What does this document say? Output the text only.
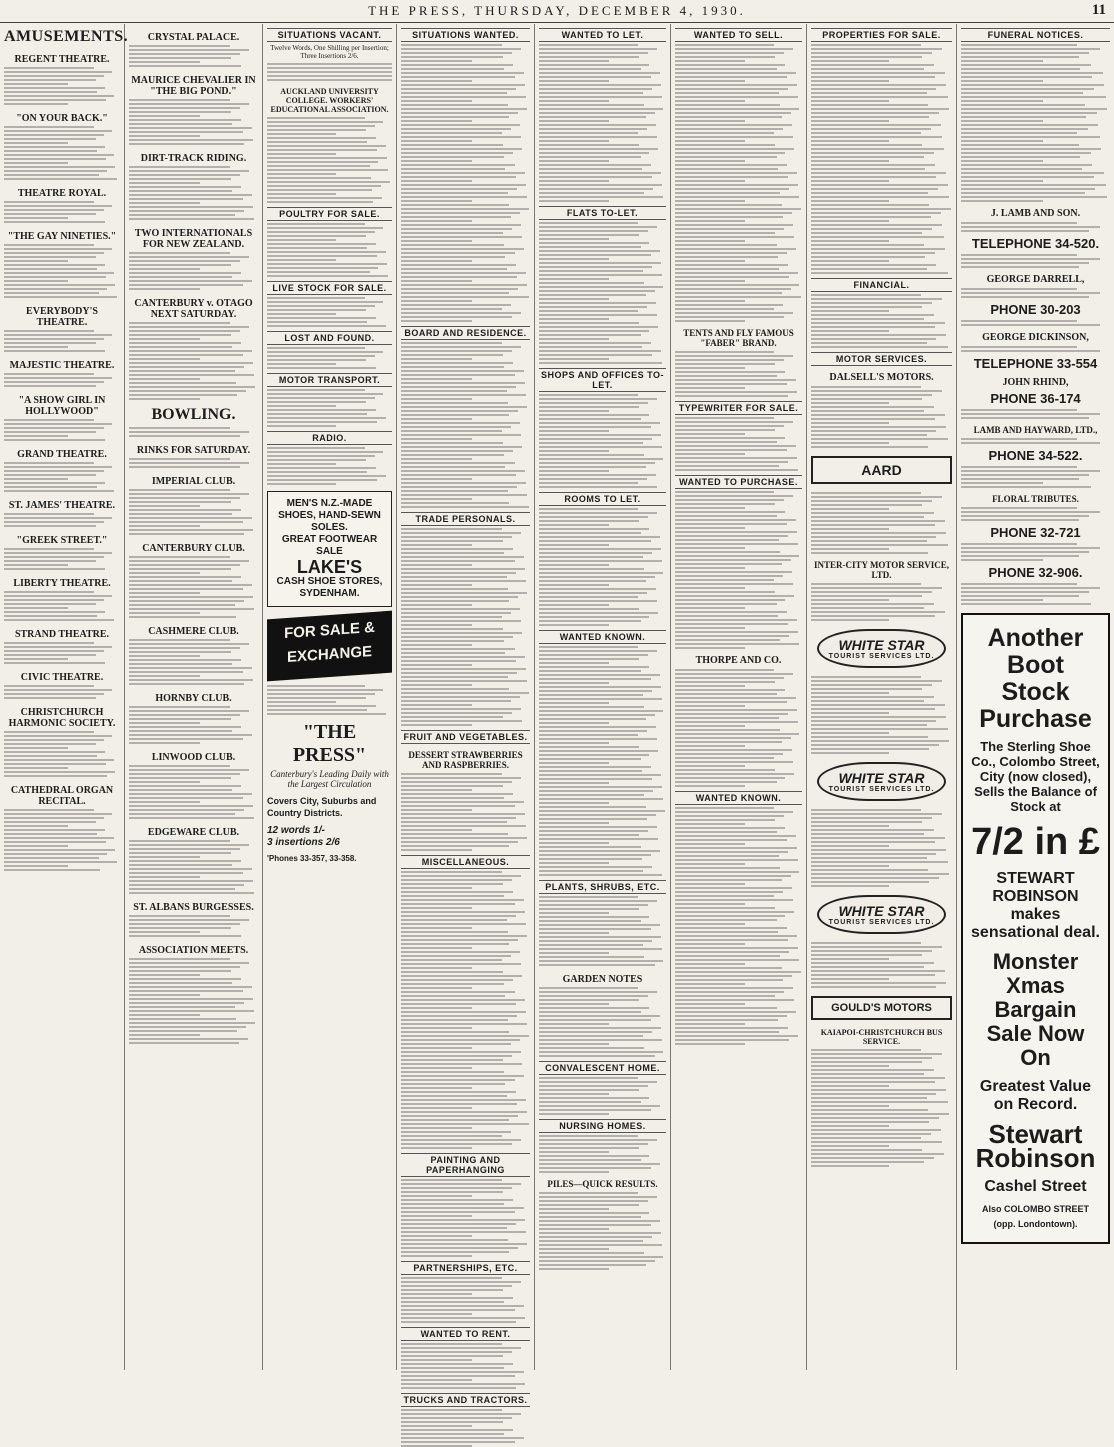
THE PRESS, THURSDAY, DECEMBER 4, 1930.	11
AMUSEMENTS.
REGENT THEATRE.
"ON YOUR BACK."
THEATRE ROYAL.
"THE GAY NINETIES."
EVERYBODY'S THEATRE.
MAJESTIC THEATRE.
"A SHOW GIRL IN HOLLYWOOD"
GRAND THEATRE.
ST. JAMES' THEATRE.
"GREEK STREET."
LIBERTY THEATRE.
STRAND THEATRE.
CIVIC THEATRE.
CHRISTCHURCH HARMONIC SOCIETY.
CATHEDRAL ORGAN RECITAL.
CRYSTAL PALACE.
MAURICE CHEVALIER IN "THE BIG POND."
DIRT-TRACK RIDING.
TWO INTERNATIONALS FOR NEW ZEALAND.
CANTERBURY v. OTAGO NEXT SATURDAY.
BOWLING.
RINKS FOR SATURDAY.
IMPERIAL CLUB.
CANTERBURY CLUB.
CASHMERE CLUB.
HORNBY CLUB.
LINWOOD CLUB.
EDGEWARE CLUB.
ST. ALBANS BURGESSES.
ASSOCIATION MEETS.
SITUATIONS VACANT.
Twelve Words, One Shilling per Insertion; Three Insertions 2/6.
AUCKLAND UNIVERSITY COLLEGE. WORKERS' EDUCATIONAL ASSOCIATION.
POULTRY FOR SALE.
LIVE STOCK FOR SALE.
LOST AND FOUND.
MOTOR TRANSPORT.
RADIO.
MEN'S N.Z.-MADE SHOES, HAND-SEWN SOLES.
GREAT FOOTWEAR SALE
LAKE'S
CASH SHOE STORES, SYDENHAM.
FOR SALE & EXCHANGE
"THE PRESS"
Canterbury's Leading Daily with the Largest Circulation
Covers City, Suburbs and Country Districts.
12 words 1/-
3 insertions 2/6
'Phones 33-357, 33-358.
SITUATIONS WANTED.
BOARD AND RESIDENCE.
TRADE PERSONALS.
FRUIT AND VEGETABLES.
DESSERT STRAWBERRIES AND RASPBERRIES.
MISCELLANEOUS.
PAINTING AND PAPERHANGING
PARTNERSHIPS, ETC.
WANTED TO RENT.
TRUCKS AND TRACTORS.
WANTED TO LET.
FLATS TO-LET.
SHOPS AND OFFICES TO-LET.
ROOMS TO LET.
WANTED KNOWN.
PLANTS, SHRUBS, ETC.
GARDEN NOTES
CONVALESCENT HOME.
NURSING HOMES.
PILES—QUICK RESULTS.
WANTED TO SELL.
TENTS AND FLY FAMOUS "FABER" BRAND.
TYPEWRITER FOR SALE.
WANTED TO PURCHASE.
THORPE AND CO.
WANTED KNOWN.
PROPERTIES FOR SALE.
FINANCIAL.
MOTOR SERVICES.
DALSELL'S MOTORS.
AARD
INTER-CITY MOTOR SERVICE, LTD.
WHITE STAR
TOURIST SERVICES LTD.
WHITE STAR
TOURIST SERVICES LTD.
WHITE STAR
TOURIST SERVICES LTD.
GOULD'S MOTORS
KAIAPOI-CHRISTCHURCH BUS SERVICE.
FUNERAL NOTICES.
J. LAMB AND SON.
TELEPHONE 34-520.
GEORGE DARRELL,
PHONE 30-203
GEORGE DICKINSON,
TELEPHONE 33-554
JOHN RHIND,
PHONE 36-174
LAMB AND HAYWARD, LTD.,
PHONE 34-522.
FLORAL TRIBUTES.
PHONE 32-721
PHONE 32-906.
Another Boot Stock Purchase
The Sterling Shoe Co., Colombo Street, City (now closed), Sells the Balance of Stock at
7/2 in £
STEWART ROBINSON makes sensational deal.
Monster Xmas Bargain Sale Now On
Greatest Value on Record.
Stewart Robinson
Cashel Street
Also COLOMBO STREET (opp. Londontown).
